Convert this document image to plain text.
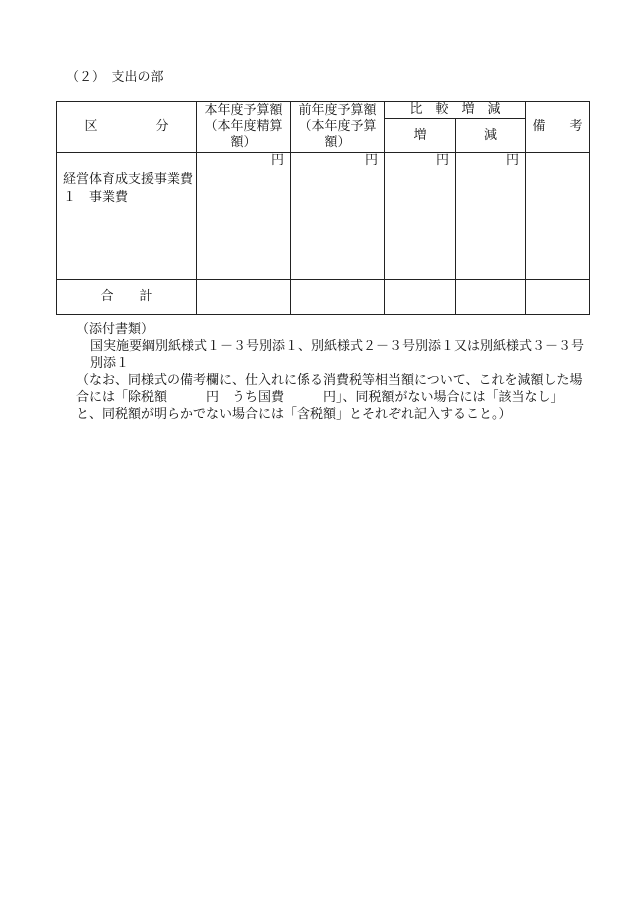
（２）　支出の部
区 分	本年度予算額（本年度精算額）	前年度予算額（本年度予算額）	比　較　増　減		備 考
			増	減	

経営体育成支援事業費
１　事業費	円	円	円	円	
合 計					

（添付書類）

国実施要綱別紙様式１－３号別添１、別紙様式２－３号別添１又は別紙様式３－３号別添１

（なお、同様式の備考欄に、仕入れに係る消費税等相当額について、これを減額した場合には「除税額　　　円　うち国費　　　円」、同税額がない場合には「該当なし」と、同税額が明らかでない場合には「含税額」とそれぞれ記入すること。）
